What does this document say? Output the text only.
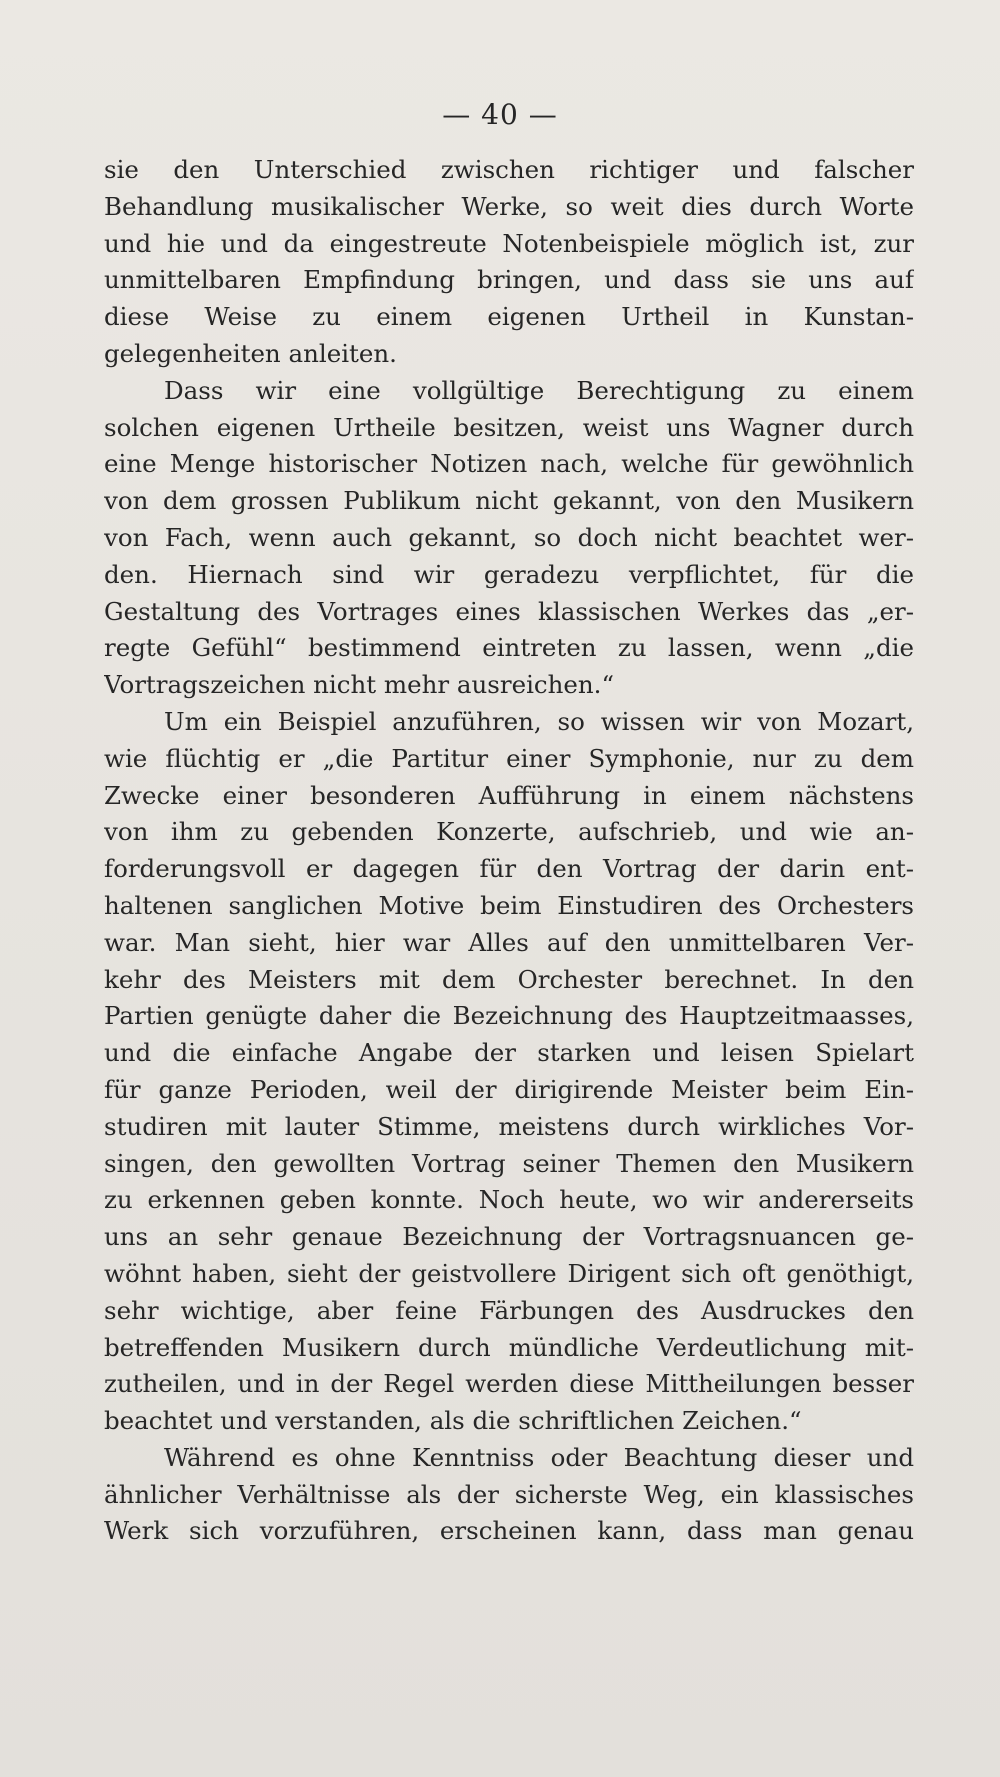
— 40 —
sie den Unterschied zwischen richtiger und falscher
Behandlung musikalischer Werke, so weit dies durch Worte
und hie und da eingestreute Notenbeispiele möglich ist, zur
unmittelbaren Empfindung bringen, und dass sie uns auf
diese Weise zu einem eigenen Urtheil in Kunstan-
gelegenheiten anleiten.
Dass wir eine vollgültige Berechtigung zu einem
solchen eigenen Urtheile besitzen, weist uns Wagner durch
eine Menge historischer Notizen nach, welche für gewöhnlich
von dem grossen Publikum nicht gekannt, von den Musikern
von Fach, wenn auch gekannt, so doch nicht beachtet wer-
den. Hiernach sind wir geradezu verpflichtet, für die
Gestaltung des Vortrages eines klassischen Werkes das „er-
regte Gefühl“ bestimmend eintreten zu lassen, wenn „die
Vortragszeichen nicht mehr ausreichen.“
Um ein Beispiel anzuführen, so wissen wir von Mozart,
wie flüchtig er „die Partitur einer Symphonie, nur zu dem
Zwecke einer besonderen Aufführung in einem nächstens
von ihm zu gebenden Konzerte, aufschrieb, und wie an-
forderungsvoll er dagegen für den Vortrag der darin ent-
haltenen sanglichen Motive beim Einstudiren des Orchesters
war. Man sieht, hier war Alles auf den unmittelbaren Ver-
kehr des Meisters mit dem Orchester berechnet. In den
Partien genügte daher die Bezeichnung des Hauptzeitmaasses,
und die einfache Angabe der starken und leisen Spielart
für ganze Perioden, weil der dirigirende Meister beim Ein-
studiren mit lauter Stimme, meistens durch wirkliches Vor-
singen, den gewollten Vortrag seiner Themen den Musikern
zu erkennen geben konnte. Noch heute, wo wir andererseits
uns an sehr genaue Bezeichnung der Vortragsnuancen ge-
wöhnt haben, sieht der geistvollere Dirigent sich oft genöthigt,
sehr wichtige, aber feine Färbungen des Ausdruckes den
betreffenden Musikern durch mündliche Verdeutlichung mit-
zutheilen, und in der Regel werden diese Mittheilungen besser
beachtet und verstanden, als die schriftlichen Zeichen.“
Während es ohne Kenntniss oder Beachtung dieser und
ähnlicher Verhältnisse als der sicherste Weg, ein klassisches
Werk sich vorzuführen, erscheinen kann, dass man genau
